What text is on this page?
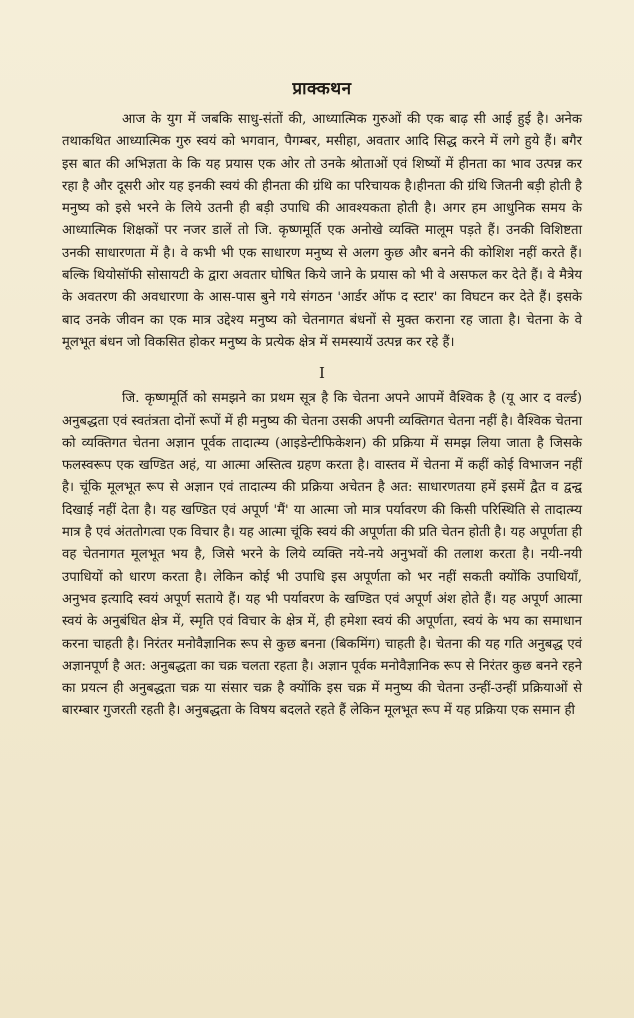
प्राक्कथन

आज के युग में जबकि साधु-संतों की, आध्यात्मिक गुरुओं की एक बाढ़ सी आई हुई है। अनेक तथाकथित आध्यात्मिक गुरु स्वयं को भगवान, पैगम्बर, मसीहा, अवतार आदि सिद्ध करने में लगे हुये हैं। बगैर इस बात की अभिज्ञता के कि यह प्रयास एक ओर तो उनके श्रोताओं एवं शिष्यों में हीनता का भाव उत्पन्न कर रहा है और दूसरी ओर यह इनकी स्वयं की हीनता की ग्रंथि का परिचायक है।हीनता की ग्रंथि जितनी बड़ी होती है मनुष्य को इसे भरने के लिये उतनी ही बड़ी उपाधि की आवश्यकता होती है। अगर हम आधुनिक समय के आध्यात्मिक शिक्षकों पर नजर डालें तो जि. कृष्णमूर्ति एक अनोखे व्यक्ति मालूम पड़ते हैं। उनकी विशिष्टता उनकी साधारणता में है। वे कभी भी एक साधारण मनुष्य से अलग कुछ और बनने की कोशिश नहीं करते हैं। बल्कि थियोसॉफी सोसायटी के द्वारा अवतार घोषित किये जाने के प्रयास को भी वे असफल कर देते हैं। वे मैत्रेय के अवतरण की अवधारणा के आस-पास बुने गये संगठन 'आर्डर ऑफ द स्टार' का विघटन कर देते हैं। इसके बाद उनके जीवन का एक मात्र उद्देश्य मनुष्य को चेतनागत बंधनों से मुक्त कराना रह जाता है। चेतना के वे मूलभूत बंधन जो विकसित होकर मनुष्य के प्रत्येक क्षेत्र में समस्यायें उत्पन्न कर रहे हैं।

I

जि. कृष्णमूर्ति को समझने का प्रथम सूत्र है कि चेतना अपने आपमें वैश्विक है (यू आर द वर्ल्ड) अनुबद्धता एवं स्वतंत्रता दोनों रूपों में ही मनुष्य की चेतना उसकी अपनी व्यक्तिगत चेतना नहीं है। वैश्विक चेतना को व्यक्तिगत चेतना अज्ञान पूर्वक तादात्म्य (आइडेन्टीफिकेशन) की प्रक्रिया में समझ लिया जाता है जिसके फलस्वरूप एक खण्डित अहं, या आत्मा अस्तित्व ग्रहण करता है। वास्तव में चेतना में कहीं कोई विभाजन नहीं है। चूंकि मूलभूत रूप से अज्ञान एवं तादात्म्य की प्रक्रिया अचेतन है अत: साधारणतया हमें इसमें द्वैत व द्वन्द्व दिखाई नहीं देता है। यह खण्डित एवं अपूर्ण 'मैं' या आत्मा जो मात्र पर्यावरण की किसी परिस्थिति से तादात्म्य मात्र है एवं अंततोगत्वा एक विचार है। यह आत्मा चूंकि स्वयं की अपूर्णता की प्रति चेतन होती है। यह अपूर्णता ही वह चेतनागत मूलभूत भय है, जिसे भरने के लिये व्यक्ति नये-नये अनुभवों की तलाश करता है। नयी-नयी उपाधियों को धारण करता है। लेकिन कोई भी उपाधि इस अपूर्णता को भर नहीं सकती क्योंकि उपाधियाँ, अनुभव इत्यादि स्वयं अपूर्ण सताये हैं। यह भी पर्यावरण के खण्डित एवं अपूर्ण अंश होते हैं। यह अपूर्ण आत्मा स्वयं के अनुबंधित क्षेत्र में, स्मृति एवं विचार के क्षेत्र में, ही हमेशा स्वयं की अपूर्णता, स्वयं के भय का समाधान करना चाहती है। निरंतर मनोवैज्ञानिक रूप से कुछ बनना (बिकमिंग) चाहती है। चेतना की यह गति अनुबद्ध एवं अज्ञानपूर्ण है अत: अनुबद्धता का चक्र चलता रहता है। अज्ञान पूर्वक मनोवैज्ञानिक रूप से निरंतर कुछ बनने रहने का प्रयत्न ही अनुबद्धता चक्र या संसार चक्र है क्योंकि इस चक्र में मनुष्य की चेतना उन्हीं-उन्हीं प्रक्रियाओं से बारम्बार गुजरती रहती है। अनुबद्धता के विषय बदलते रहते हैं लेकिन मूलभूत रूप में यह प्रक्रिया एक समान ही
